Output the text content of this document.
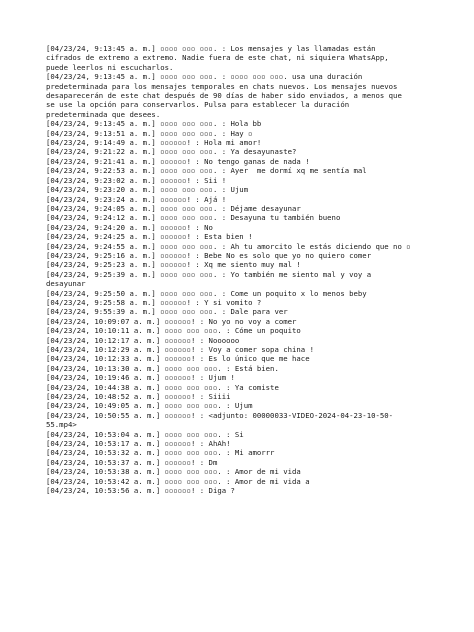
[04/23/24, 9:13:45 a. m.] ▫▫▫▫ ▫▫▫ ▫▫▫. : Los mensajes y las llamadas están
cifrados de extremo a extremo. Nadie fuera de este chat, ni siquiera WhatsApp,
puede leerlos ni escucharlos.
[04/23/24, 9:13:45 a. m.] ▫▫▫▫ ▫▫▫ ▫▫▫. : ▫▫▫▫ ▫▫▫ ▫▫▫. usa una duración
predeterminada para los mensajes temporales en chats nuevos. Los mensajes nuevos
desaparecerán de este chat después de 90 días de haber sido enviados, a menos que
se use la opción para conservarlos. Pulsa para establecer la duración
predeterminada que desees.
[04/23/24, 9:13:45 a. m.] ▫▫▫▫ ▫▫▫ ▫▫▫. : Hola bb
[04/23/24, 9:13:51 a. m.] ▫▫▫▫ ▫▫▫ ▫▫▫. : Hay ▫
[04/23/24, 9:14:49 a. m.] ▫▫▫▫▫▫! : Hola mi amor!
[04/23/24, 9:21:22 a. m.] ▫▫▫▫ ▫▫▫ ▫▫▫. : Ya desayunaste?
[04/23/24, 9:21:41 a. m.] ▫▫▫▫▫▫! : No tengo ganas de nada !
[04/23/24, 9:22:53 a. m.] ▫▫▫▫ ▫▫▫ ▫▫▫. : Ayer  me dormí xq me sentía mal
[04/23/24, 9:23:02 a. m.] ▫▫▫▫▫▫! : Sii !
[04/23/24, 9:23:20 a. m.] ▫▫▫▫ ▫▫▫ ▫▫▫. : Ujum
[04/23/24, 9:23:24 a. m.] ▫▫▫▫▫▫! : Ajá !
[04/23/24, 9:24:05 a. m.] ▫▫▫▫ ▫▫▫ ▫▫▫. : Déjame desayunar
[04/23/24, 9:24:12 a. m.] ▫▫▫▫ ▫▫▫ ▫▫▫. : Desayuna tu también bueno
[04/23/24, 9:24:20 a. m.] ▫▫▫▫▫▫! : No
[04/23/24, 9:24:25 a. m.] ▫▫▫▫▫▫! : Esta bien !
[04/23/24, 9:24:55 a. m.] ▫▫▫▫ ▫▫▫ ▫▫▫. : Ah tu amorcito le estás diciendo que no ▫
[04/23/24, 9:25:16 a. m.] ▫▫▫▫▫▫! : Bebe No es solo que yo no quiero comer
[04/23/24, 9:25:23 a. m.] ▫▫▫▫▫▫! : Xq me siento muy mal !
[04/23/24, 9:25:39 a. m.] ▫▫▫▫ ▫▫▫ ▫▫▫. : Yo también me siento mal y voy a
desayunar
[04/23/24, 9:25:50 a. m.] ▫▫▫▫ ▫▫▫ ▫▫▫. : Come un poquito x lo menos beby
[04/23/24, 9:25:58 a. m.] ▫▫▫▫▫▫! : Y si vomito ?
[04/23/24, 9:55:39 a. m.] ▫▫▫▫ ▫▫▫ ▫▫▫. : Dale para ver
[04/23/24, 10:09:07 a. m.] ▫▫▫▫▫▫! : No yo no voy a comer
[04/23/24, 10:10:11 a. m.] ▫▫▫▫ ▫▫▫ ▫▫▫. : Cóme un poquito
[04/23/24, 10:12:17 a. m.] ▫▫▫▫▫▫! : Noooooo
[04/23/24, 10:12:29 a. m.] ▫▫▫▫▫▫! : Voy a comer sopa china !
[04/23/24, 10:12:33 a. m.] ▫▫▫▫▫▫! : Es lo único que me hace
[04/23/24, 10:13:30 a. m.] ▫▫▫▫ ▫▫▫ ▫▫▫. : Está bien.
[04/23/24, 10:19:46 a. m.] ▫▫▫▫▫▫! : Ujum !
[04/23/24, 10:44:38 a. m.] ▫▫▫▫ ▫▫▫ ▫▫▫. : Ya comiste
[04/23/24, 10:48:52 a. m.] ▫▫▫▫▫▫! : Siiii
[04/23/24, 10:49:05 a. m.] ▫▫▫▫ ▫▫▫ ▫▫▫. : Ujum
[04/23/24, 10:50:55 a. m.] ▫▫▫▫▫▫! : <adjunto: 00000033-VIDEO-2024-04-23-10-50-
55.mp4>
[04/23/24, 10:53:04 a. m.] ▫▫▫▫ ▫▫▫ ▫▫▫. : Si
[04/23/24, 10:53:17 a. m.] ▫▫▫▫▫▫! : AhAh!
[04/23/24, 10:53:32 a. m.] ▫▫▫▫ ▫▫▫ ▫▫▫. : Mi amorrr
[04/23/24, 10:53:37 a. m.] ▫▫▫▫▫▫! : Dm
[04/23/24, 10:53:38 a. m.] ▫▫▫▫ ▫▫▫ ▫▫▫. : Amor de mi vida
[04/23/24, 10:53:42 a. m.] ▫▫▫▫ ▫▫▫ ▫▫▫. : Amor de mi vida a
[04/23/24, 10:53:56 a. m.] ▫▫▫▫▫▫! : Diga ?
